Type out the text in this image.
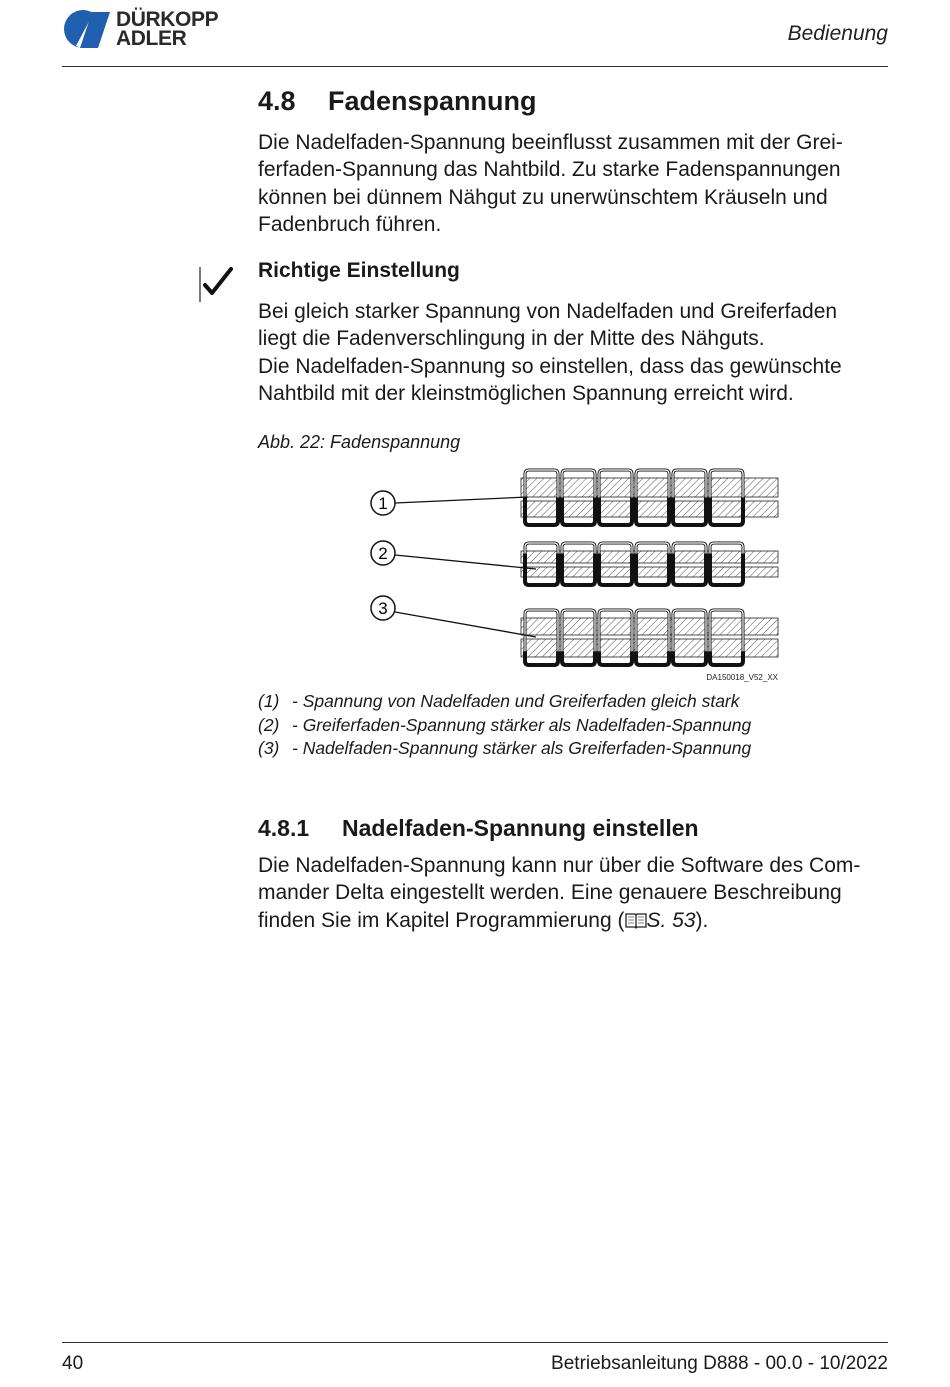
DÜRKOPP
ADLER	Bedienung
4.8 Fadenspannung

Die Nadelfaden-Spannung beeinflusst zusammen mit der Grei-

ferfaden-Spannung das Nahtbild. Zu starke Fadenspannungen

können bei dünnem Nähgut zu unerwünschtem Kräuseln und

Fadenbruch führen.

Richtige Einstellung

Bei gleich starker Spannung von Nadelfaden und Greiferfaden

liegt die Fadenverschlingung in der Mitte des Nähguts.

Die Nadelfaden-Spannung so einstellen, dass das gewünschte

Nahtbild mit der kleinstmöglichen Spannung erreicht wird.

Abb. 22: Fadenspannung

1
2
3
DA150018_V52_XX
(1) - Spannung von Nadelfaden und Greiferfaden gleich stark
(2) - Greiferfaden-Spannung stärker als Nadelfaden-Spannung
(3) - Nadelfaden-Spannung stärker als Greiferfaden-Spannung
4.8.1 Nadelfaden-Spannung einstellen

Die Nadelfaden-Spannung kann nur über die Software des Com-

mander Delta eingestellt werden. Eine genauere Beschreibung

finden Sie im Kapitel Programmierung ( S. 53).

40	Betriebsanleitung D888 - 00.0 - 10/2022
